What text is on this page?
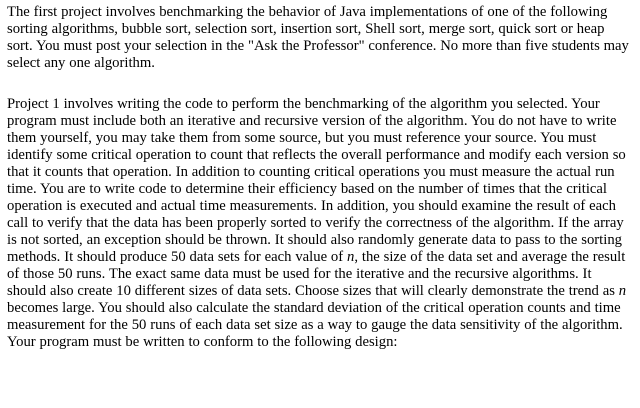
The first project involves benchmarking the behavior of Java implementations of one of the following sorting algorithms, bubble sort, selection sort, insertion sort, Shell sort, merge sort, quick sort or heap sort. You must post your selection in the "Ask the Professor" conference. No more than five students may select any one algorithm.

Project 1 involves writing the code to perform the benchmarking of the algorithm you selected. Your program must include both an iterative and recursive version of the algorithm. You do not have to write them yourself, you may take them from some source, but you must reference your source. You must identify some critical operation to count that reflects the overall performance and modify each version so that it counts that operation. In addition to counting critical operations you must measure the actual run time. You are to write code to determine their efficiency based on the number of times that the critical operation is executed and actual time measurements. In addition, you should examine the result of each call to verify that the data has been properly sorted to verify the correctness of the algorithm. If the array is not sorted, an exception should be thrown. It should also randomly generate data to pass to the sorting methods. It should produce 50 data sets for each value of n, the size of the data set and average the result of those 50 runs. The exact same data must be used for the iterative and the recursive algorithms. It should also create 10 different sizes of data sets. Choose sizes that will clearly demonstrate the trend as n becomes large. You should also calculate the standard deviation of the critical operation counts and time measurement for the 50 runs of each data set size as a way to gauge the data sensitivity of the algorithm. Your program must be written to conform to the following design:
